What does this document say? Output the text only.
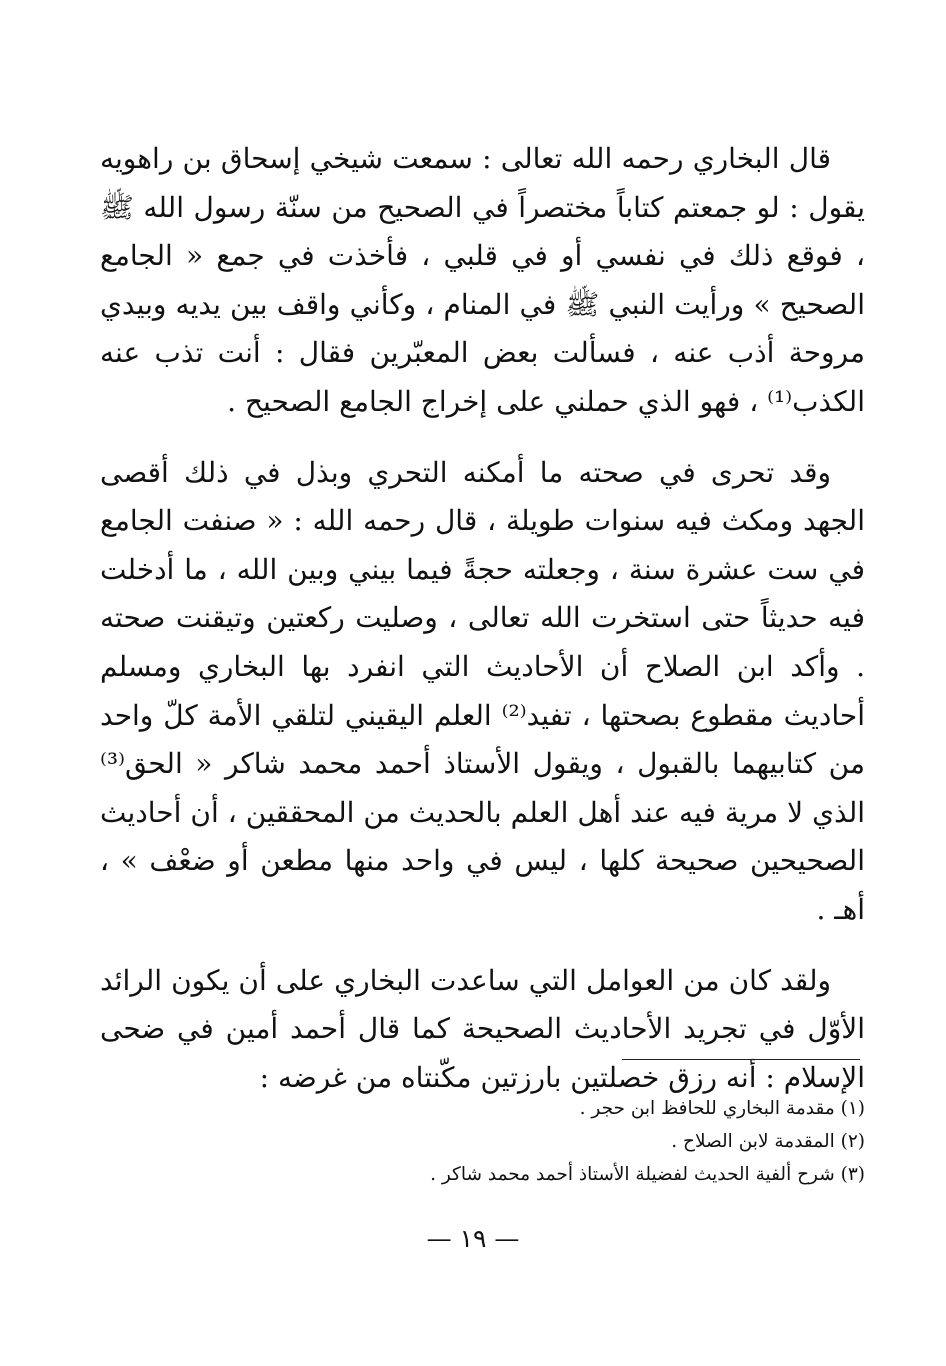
قال البخاري رحمه الله تعالى : سمعت شيخي إسحاق بن راهويه يقول : لو جمعتم كتاباً مختصراً في الصحيح من سنّة رسول الله ﷺ ، فوقع ذلك في نفسي أو في قلبي ، فأخذت في جمع « الجامع الصحيح » ورأيت النبي ﷺ في المنام ، وكأني واقف بين يديه وبيدي مروحة أذب عنه ، فسألت بعض المعبّرين فقال : أنت تذب عنه الكذب⁽¹⁾ ، فهو الذي حملني على إخراج الجامع الصحيح .

وقد تحرى في صحته ما أمكنه التحري وبذل في ذلك أقصى الجهد ومكث فيه سنوات طويلة ، قال رحمه الله : « صنفت الجامع في ست عشرة سنة ، وجعلته حجةً فيما بيني وبين الله ، ما أدخلت فيه حديثاً حتى استخرت الله تعالى ، وصليت ركعتين وتيقنت صحته . وأكد ابن الصلاح أن الأحاديث التي انفرد بها البخاري ومسلم أحاديث مقطوع بصحتها ، تفيد⁽²⁾ العلم اليقيني لتلقي الأمة كلّ واحد من كتابيهما بالقبول ، ويقول الأستاذ أحمد محمد شاكر « الحق⁽³⁾ الذي لا مرية فيه عند أهل العلم بالحديث من المحققين ، أن أحاديث الصحيحين صحيحة كلها ، ليس في واحد منها مطعن أو ضعْف » ، أهـ .

ولقد كان من العوامل التي ساعدت البخاري على أن يكون الرائد الأوّل في تجريد الأحاديث الصحيحة كما قال أحمد أمين في ضحى الإسلام : أنه رزق خصلتين بارزتين مكّنتاه من غرضه :

(١) مقدمة البخاري للحافظ ابن حجر .

(٢) المقدمة لابن الصلاح .

(٣) شرح ألفية الحديث لفضيلة الأستاذ أحمد محمد شاكر .

— ١٩ —
